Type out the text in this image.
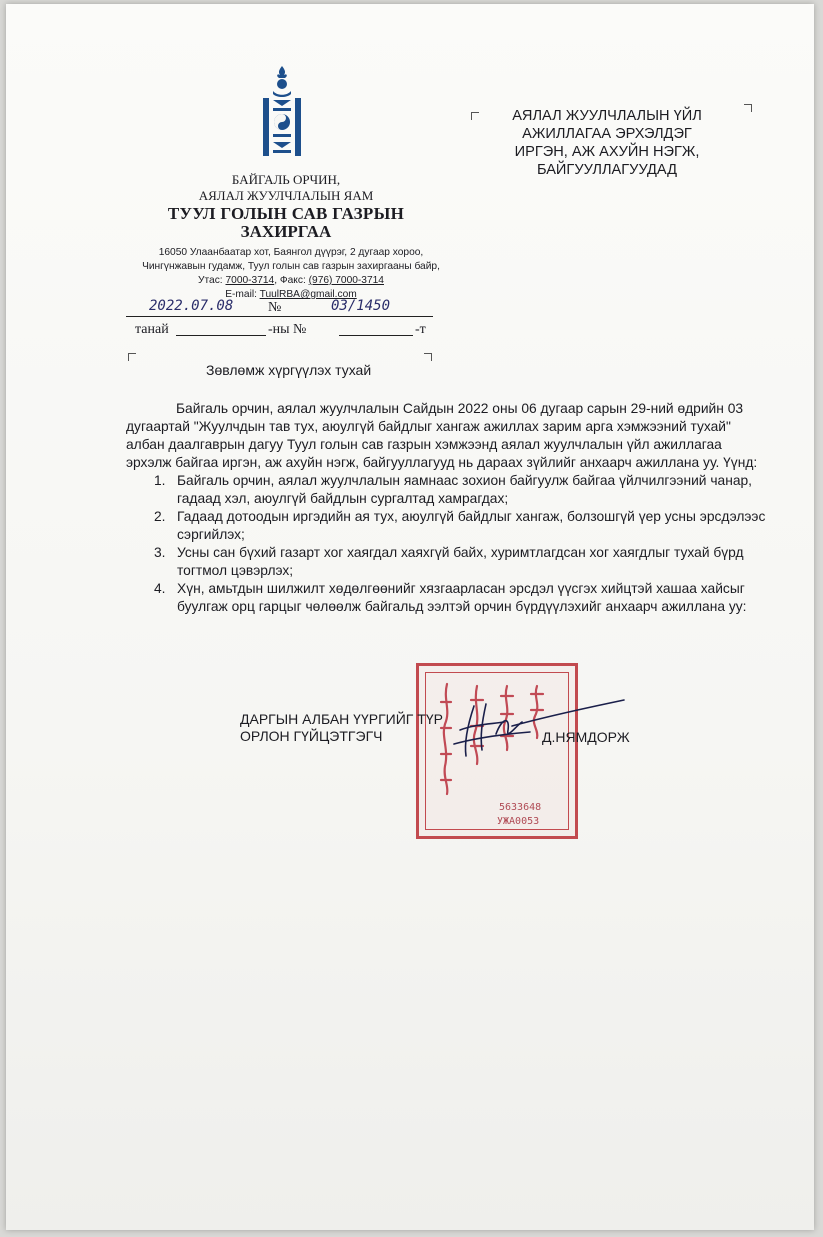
БАЙГАЛЬ ОРЧИН,
АЯЛАЛ ЖУУЛЧЛАЛЫН ЯАМ
ТУУЛ ГОЛЫН САВ ГАЗРЫН
ЗАХИРГАА
16050 Улаанбаатар хот, Баянгол дүүрэг, 2 дугаар хороо,
Чингүнжавын гудамж, Туул голын сав газрын захиргааны байр,
Утас: 7000-3714, Факс: (976) 7000-3714
E-mail: TuulRBA@gmail.com
2022.07.08 №	03/1450
танай	-ны №	-т
АЯЛАЛ ЖУУЛЧЛАЛЫН ҮЙЛ
АЖИЛЛАГАА ЭРХЭЛДЭГ
ИРГЭН, АЖ АХУЙН НЭГЖ,
БАЙГУУЛЛАГУУДАД
Зөвлөмж хүргүүлэх тухай

Байгаль орчин, аялал жуулчлалын Сайдын 2022 оны 06 дугаар сарын 29-ний өдрийн 03 дугаартай "Жуулчдын тав тух, аюулгүй байдлыг хангаж ажиллах зарим арга хэмжээний тухай" албан даалгаврын дагуу Туул голын сав газрын хэмжээнд аялал жуулчлалын үйл ажиллагаа эрхэлж байгаа иргэн, аж ахуйн нэгж, байгууллагууд нь дараах зүйлийг анхаарч ажиллана уу. Үүнд:

1. Байгаль орчин, аялал жуулчлалын яамнаас зохион байгуулж байгаа үйлчилгээний чанар, гадаад хэл, аюулгүй байдлын сургалтад хамрагдах;
2. Гадаад дотоодын иргэдийн ая тух, аюулгүй байдлыг хангаж, болзошгүй үер усны эрсдэлээс сэргийлэх;
3. Усны сан бүхий газарт хог хаягдал хаяхгүй байх, хуримтлагдсан хог хаягдлыг тухай бүрд тогтмол цэвэрлэх;
4. Хүн, амьтдын шилжилт хөдөлгөөнийг хязгаарласан эрсдэл үүсгэх хийцтэй хашаа хайсыг буулгаж орц гарцыг чөлөөлж байгальд ээлтэй орчин бүрдүүлэхийг анхаарч ажиллана уу:
5633648
УЖА0053
ДАРГЫН АЛБАН ҮҮРГИЙГ ТҮР
ОРЛОН ГҮЙЦЭТГЭГЧ	Д.НЯМДОРЖ
